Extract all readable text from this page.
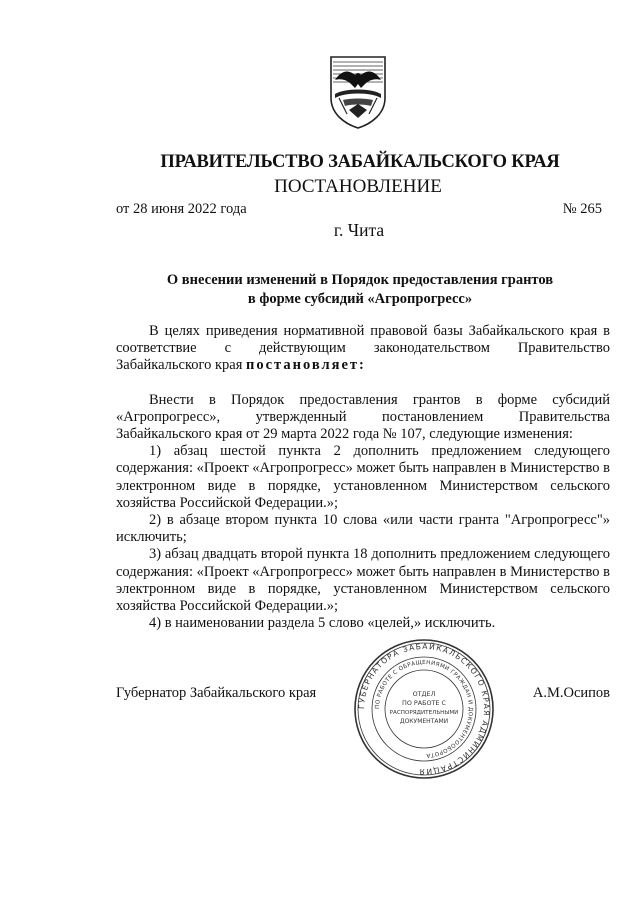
ПРАВИТЕЛЬСТВО ЗАБАЙКАЛЬСКОГО КРАЯ
ПОСТАНОВЛЕНИЕ
от 28 июня 2022 года	№ 265
г. Чита
О внесении изменений в Порядок предоставления грантов
в форме субсидий «Агропрогресс»

В целях приведения нормативной правовой базы Забайкальского края в соответствие с действующим законодательством Правительство Забайкальского края постановляет:

Внести в Порядок предоставления грантов в форме субсидий «Агропрогресс», утвержденный постановлением Правительства Забайкальского края от 29 марта 2022 года № 107, следующие изменения:

1) абзац шестой пункта 2 дополнить предложением следующего содержания: «Проект «Агропрогресс» может быть направлен в Министерство в электронном виде в порядке, установленном Министерством сельского хозяйства Российской Федерации.»;

2) в абзаце втором пункта 10 слова «или части гранта "Агропрогресс"» исключить;

3) абзац двадцать второй пункта 18 дополнить предложением следующего содержания: «Проект «Агропрогресс» может быть направлен в Министерство в электронном виде в порядке, установленном Министерством сельского хозяйства Российской Федерации.»;

4) в наименовании раздела 5 слово «целей,» исключить.

ГУБЕРНАТОРА ЗАБАЙКАЛЬСКОГО КРАЯ АДМИНИСТРАЦИЯ
ПО РАБОТЕ С ОБРАЩЕНИЯМИ ГРАЖДАН И ДОКУМЕНТООБОРОТА
ОТДЕЛ
ПО РАБОТЕ С
РАСПОРЯДИТЕЛЬНЫМИ
ДОКУМЕНТАМИ
Губернатор Забайкальского края	А.М.Осипов
